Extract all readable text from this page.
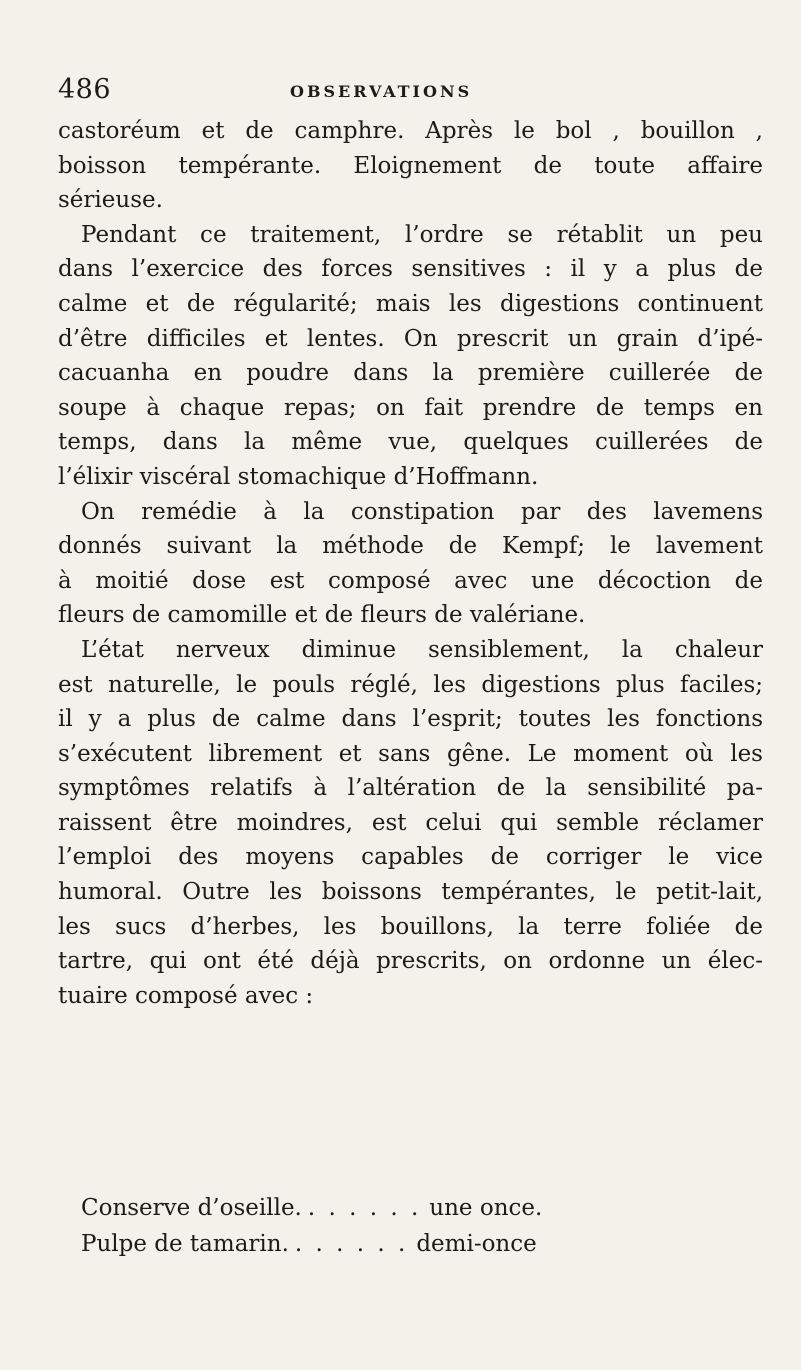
486	OBSERVATIONS
castoréum et de camphre. Après le bol , bouillon ,
boisson tempérante. Eloignement de toute affaire
sérieuse.
Pendant ce traitement, l’ordre se rétablit un peu
dans l’exercice des forces sensitives : il y a plus de
calme et de régularité; mais les digestions continuent
d’être difficiles et lentes. On prescrit un grain d’ipé-
cacuanha en poudre dans la première cuillerée de
soupe à chaque repas; on fait prendre de temps en
temps, dans la même vue, quelques cuillerées de
l’élixir viscéral stomachique d’Hoffmann.
On remédie à la constipation par des lavemens
donnés suivant la méthode de Kempf; le lavement
à moitié dose est composé avec une décoction de
fleurs de camomille et de fleurs de valériane.
L’état nerveux diminue sensiblement, la chaleur
est naturelle, le pouls réglé, les digestions plus faciles;
il y a plus de calme dans l’esprit; toutes les fonctions
s’exécutent librement et sans gêne. Le moment où les
symptômes relatifs à l’altération de la sensibilité pa-
raissent être moindres, est celui qui semble réclamer
l’emploi des moyens capables de corriger le vice
humoral. Outre les boissons tempérantes, le petit-lait,
les sucs d’herbes, les bouillons, la terre foliée de
tartre, qui ont été déjà prescrits, on ordonne un élec-
tuaire composé avec :
Conserve d’oseille. . . . . . . une once.
Pulpe de tamarin. . . . . . . demi-once
